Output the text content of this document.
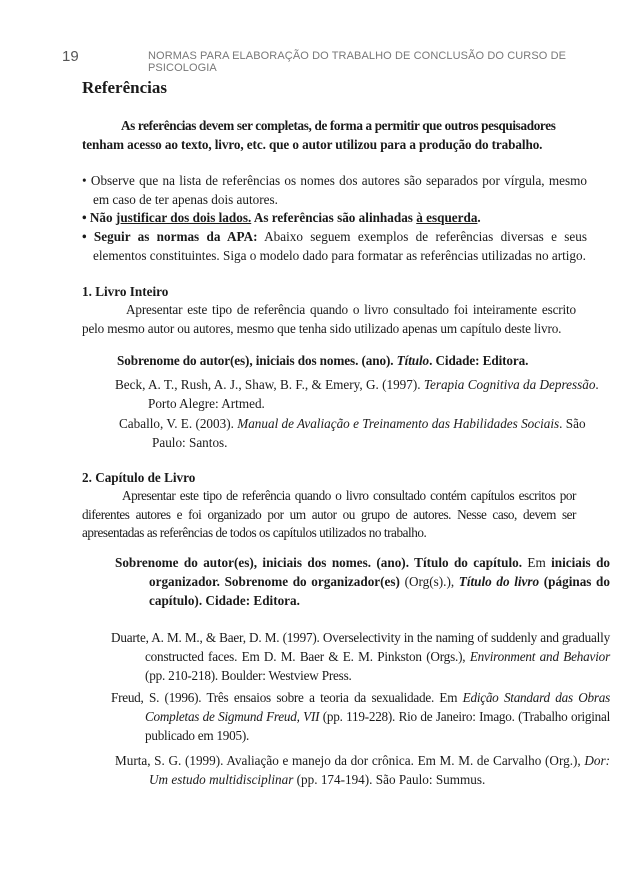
19	NORMAS PARA ELABORAÇÃO DO TRABALHO DE CONCLUSÃO DO CURSO DE PSICOLOGIA
Referências
As referências devem ser completas, de forma a permitir que outros pesquisadores
tenham acesso ao texto, livro, etc. que o autor utilizou para a produção do trabalho.
• Observe que na lista de referências os nomes dos autores são separados por vírgula, mesmo em caso de ter apenas dois autores.
• Não justificar dos dois lados. As referências são alinhadas à esquerda.
• Seguir as normas da APA: Abaixo seguem exemplos de referências diversas e seus elementos constituintes. Siga o modelo dado para formatar as referências utilizadas no artigo.
1. Livro Inteiro
Apresentar este tipo de referência quando o livro consultado foi inteiramente escrito pelo mesmo autor ou autores, mesmo que tenha sido utilizado apenas um capítulo deste livro.
Sobrenome do autor(es), iniciais dos nomes. (ano). Título. Cidade: Editora.
Beck, A. T., Rush, A. J., Shaw, B. F., & Emery, G. (1997). Terapia Cognitiva da Depressão. Porto Alegre: Artmed.
Caballo, V. E. (2003). Manual de Avaliação e Treinamento das Habilidades Sociais. São Paulo: Santos.
2. Capítulo de Livro
Apresentar este tipo de referência quando o livro consultado contém capítulos escritos por diferentes autores e foi organizado por um autor ou grupo de autores. Nesse caso, devem ser apresentadas as referências de todos os capítulos utilizados no trabalho.
Sobrenome do autor(es), iniciais dos nomes. (ano). Título do capítulo. Em iniciais do organizador. Sobrenome do organizador(es) (Org(s).), Título do livro (páginas do capítulo). Cidade: Editora.
Duarte, A. M. M., & Baer, D. M. (1997). Overselectivity in the naming of suddenly and gradually constructed faces. Em D. M. Baer & E. M. Pinkston (Orgs.), Environment and Behavior (pp. 210-218). Boulder: Westview Press.
Freud, S. (1996). Três ensaios sobre a teoria da sexualidade. Em Edição Standard das Obras Completas de Sigmund Freud, VII (pp. 119-228). Rio de Janeiro: Imago. (Trabalho original publicado em 1905).
Murta, S. G. (1999). Avaliação e manejo da dor crônica. Em M. M. de Carvalho (Org.), Dor: Um estudo multidisciplinar (pp. 174-194). São Paulo: Summus.
